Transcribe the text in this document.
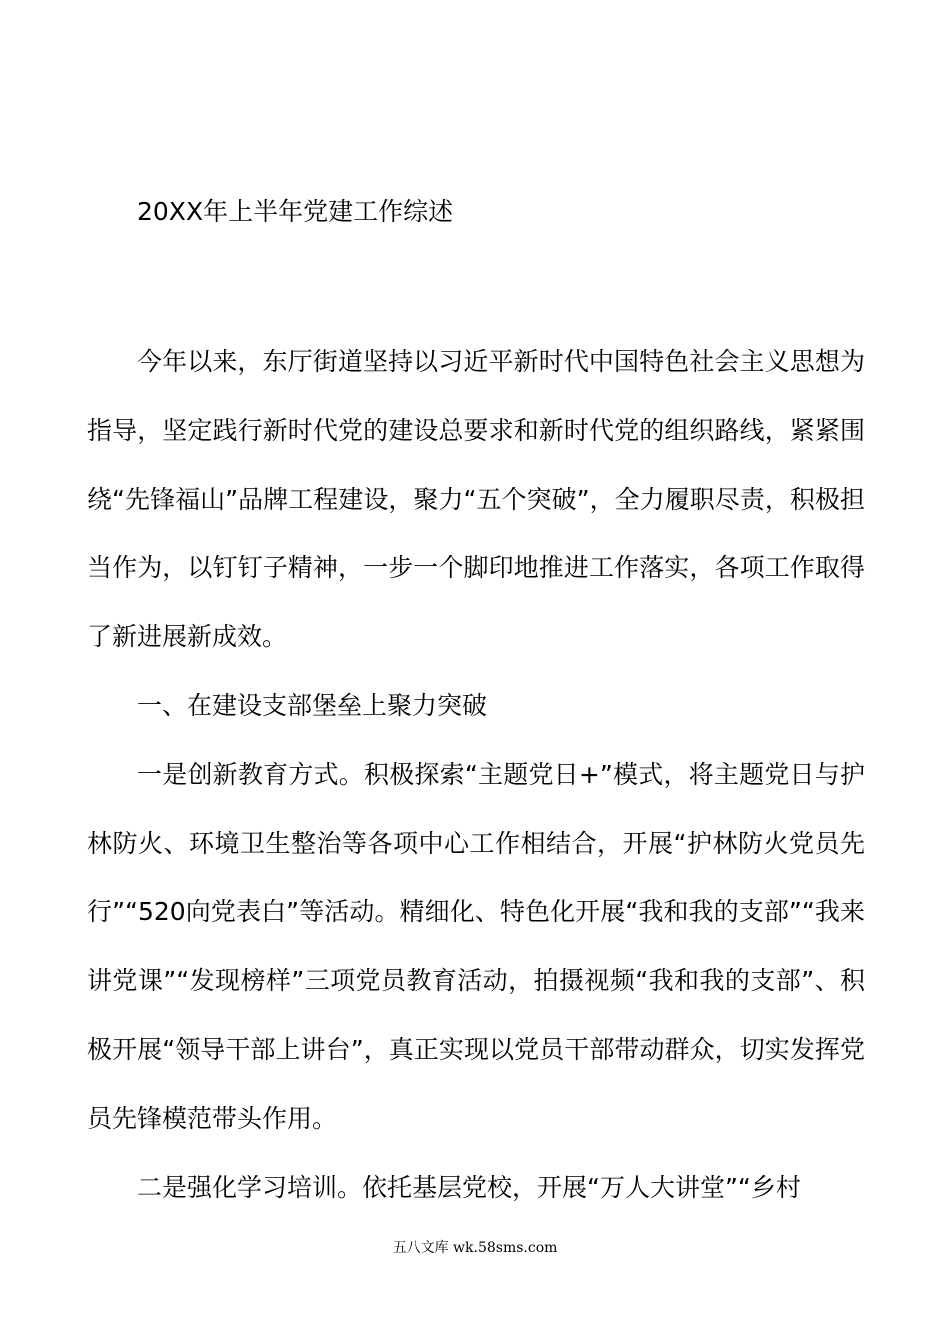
20XX年上半年党建工作综述

今年以来，东厅街道坚持以习近平新时代中国特色社会主义思想为指导，坚定践行新时代党的建设总要求和新时代党的组织路线，紧紧围绕“先锋福山”品牌工程建设，聚力“五个突破”，全力履职尽责，积极担当作为，以钉钉子精神，一步一个脚印地推进工作落实，各项工作取得了新进展新成效。

一、在建设支部堡垒上聚力突破

一是创新教育方式。积极探索“主题党日+”模式，将主题党日与护林防火、环境卫生整治等各项中心工作相结合，开展“护林防火党员先行”“520向党表白”等活动。精细化、特色化开展“我和我的支部”“我来讲党课”“发现榜样”三项党员教育活动，拍摄视频“我和我的支部”、积极开展“领导干部上讲台”，真正实现以党员干部带动群众，切实发挥党员先锋模范带头作用。

二是强化学习培训。依托基层党校，开展“万人大讲堂”“乡村

五八文库 wk.58sms.com
